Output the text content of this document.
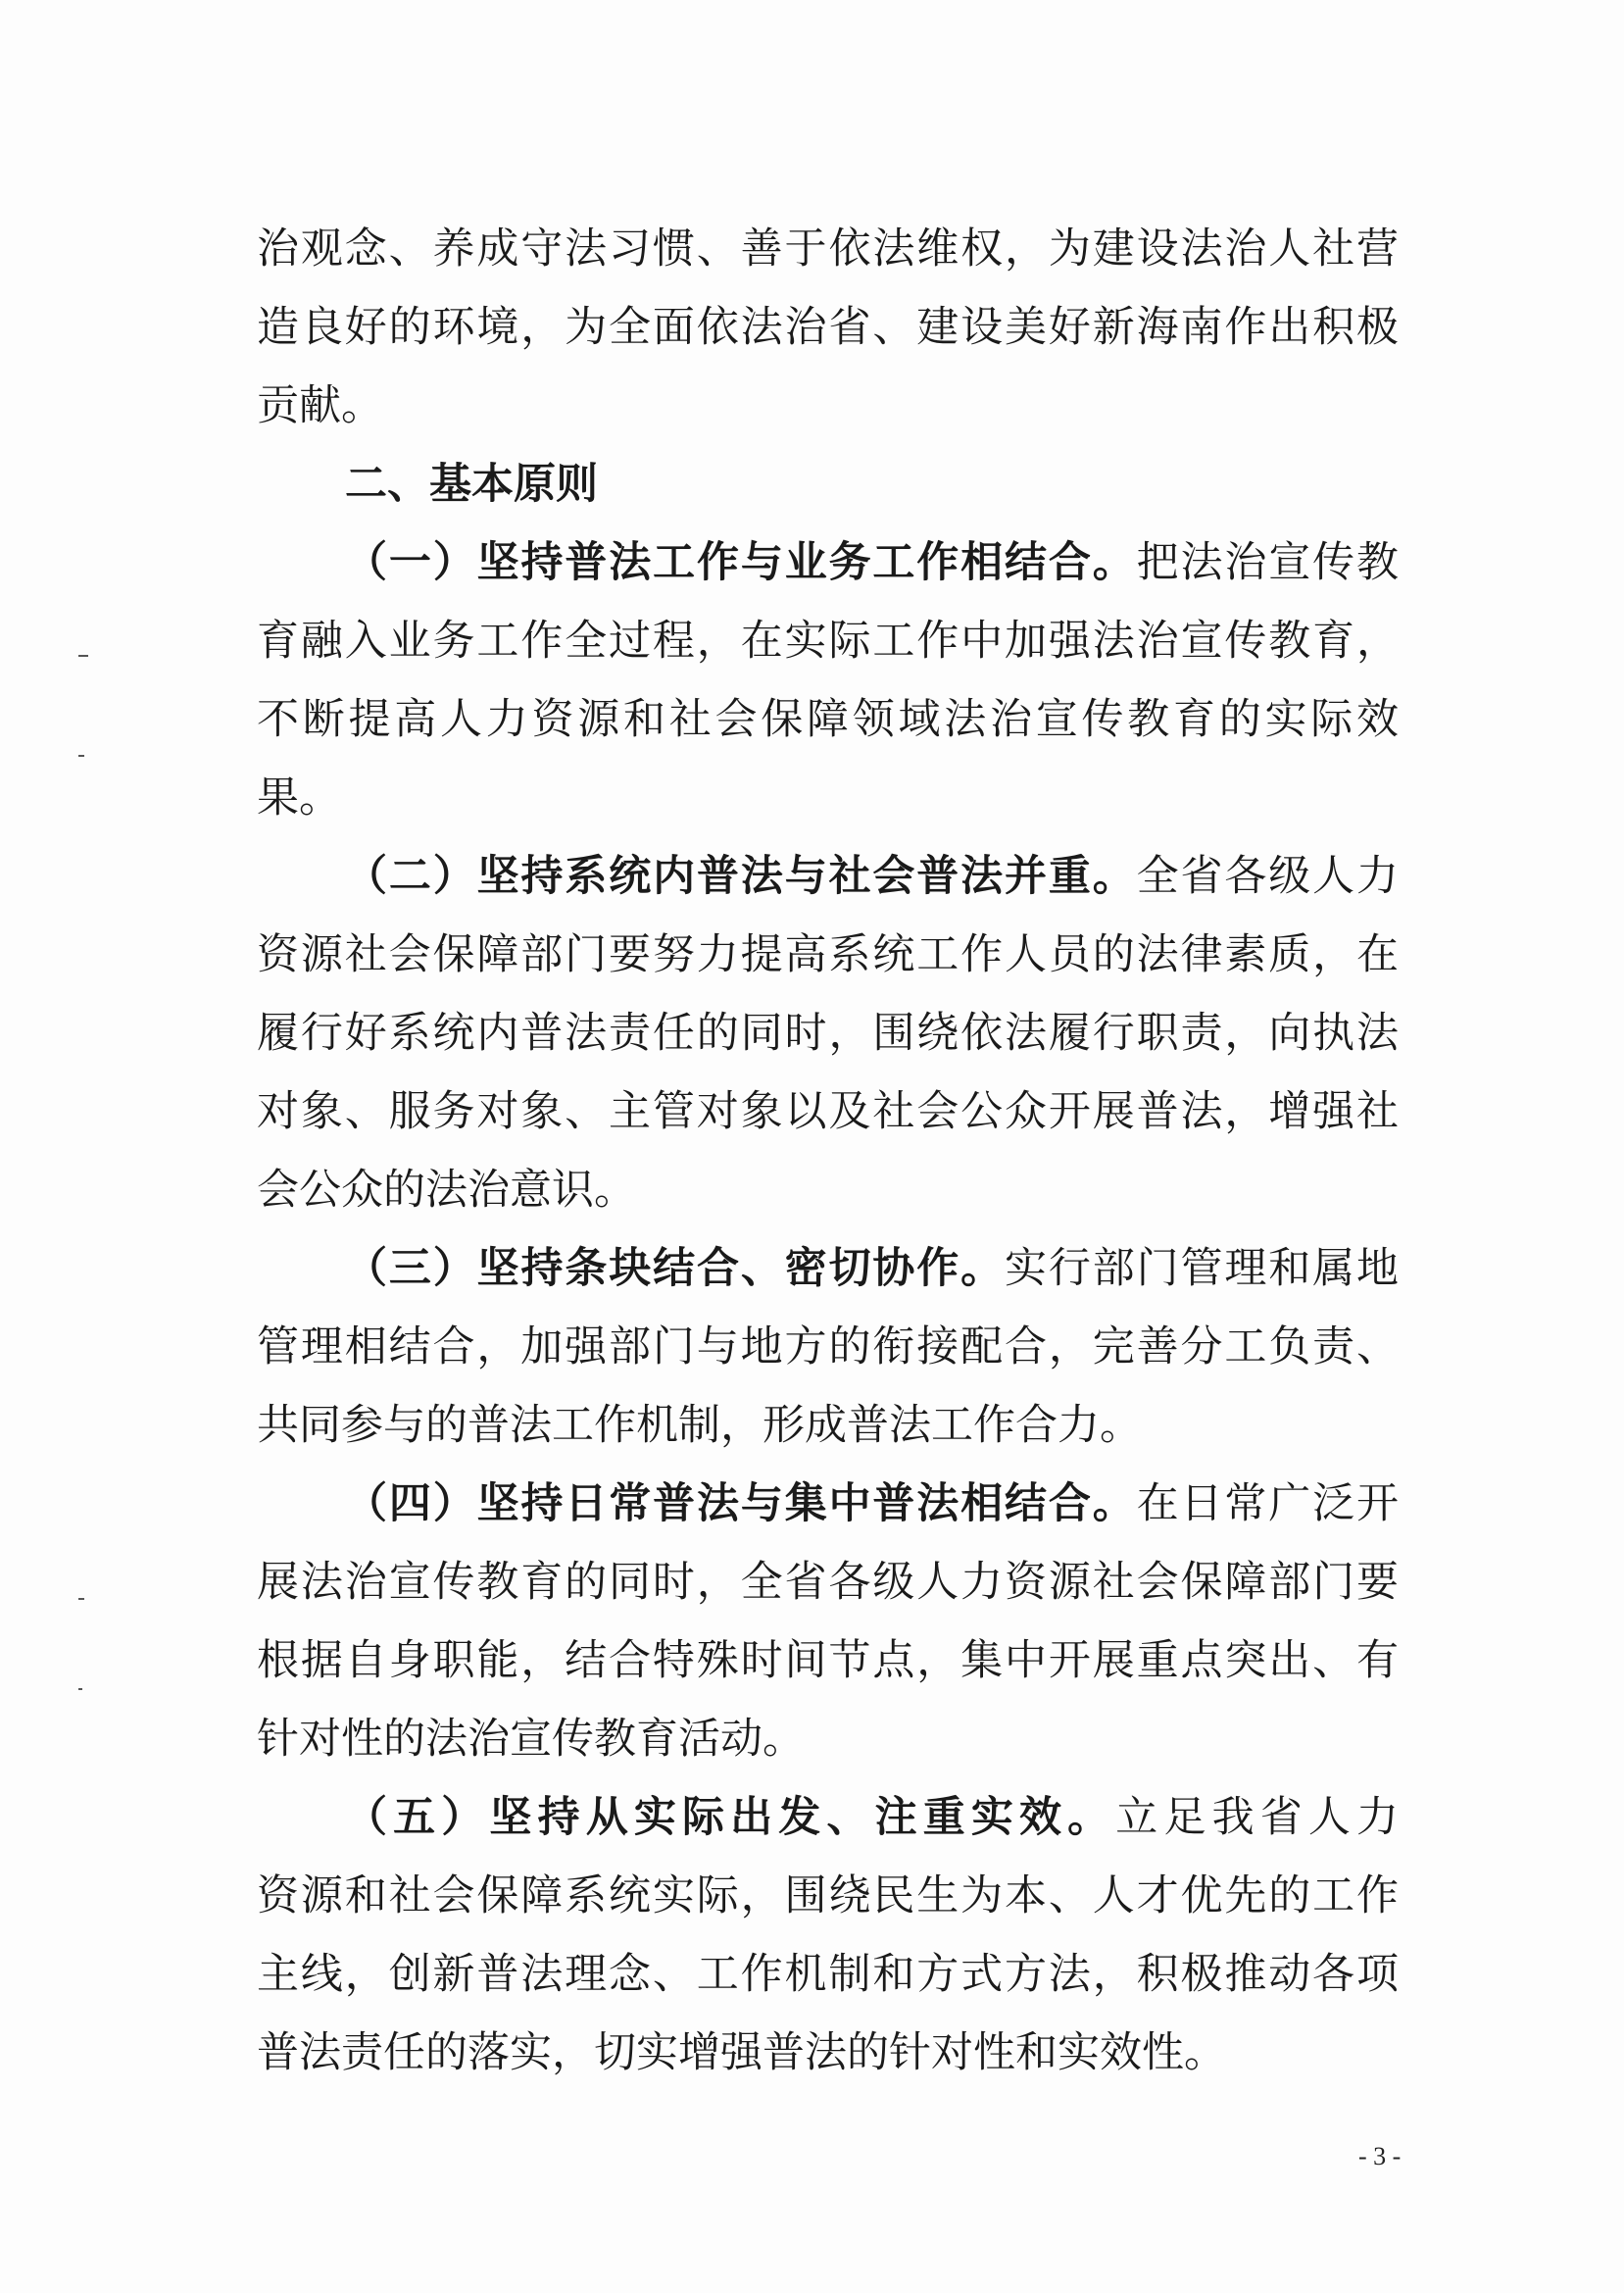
治观念、养成守法习惯、善于依法维权，为建设法治人社营
造良好的环境，为全面依法治省、建设美好新海南作出积极
贡献。
二、基本原则
（一）坚持普法工作与业务工作相结合。把法治宣传教
育融入业务工作全过程，在实际工作中加强法治宣传教育，
不断提高人力资源和社会保障领域法治宣传教育的实际效
果。
（二）坚持系统内普法与社会普法并重。全省各级人力
资源社会保障部门要努力提高系统工作人员的法律素质，在
履行好系统内普法责任的同时，围绕依法履行职责，向执法
对象、服务对象、主管对象以及社会公众开展普法，增强社
会公众的法治意识。
（三）坚持条块结合、密切协作。实行部门管理和属地
管理相结合，加强部门与地方的衔接配合，完善分工负责、
共同参与的普法工作机制，形成普法工作合力。
（四）坚持日常普法与集中普法相结合。在日常广泛开
展法治宣传教育的同时，全省各级人力资源社会保障部门要
根据自身职能，结合特殊时间节点，集中开展重点突出、有
针对性的法治宣传教育活动。
（五）坚持从实际出发、注重实效。立足我省人力
资源和社会保障系统实际，围绕民生为本、人才优先的工作
主线，创新普法理念、工作机制和方式方法，积极推动各项
普法责任的落实，切实增强普法的针对性和实效性。
- 3 -
